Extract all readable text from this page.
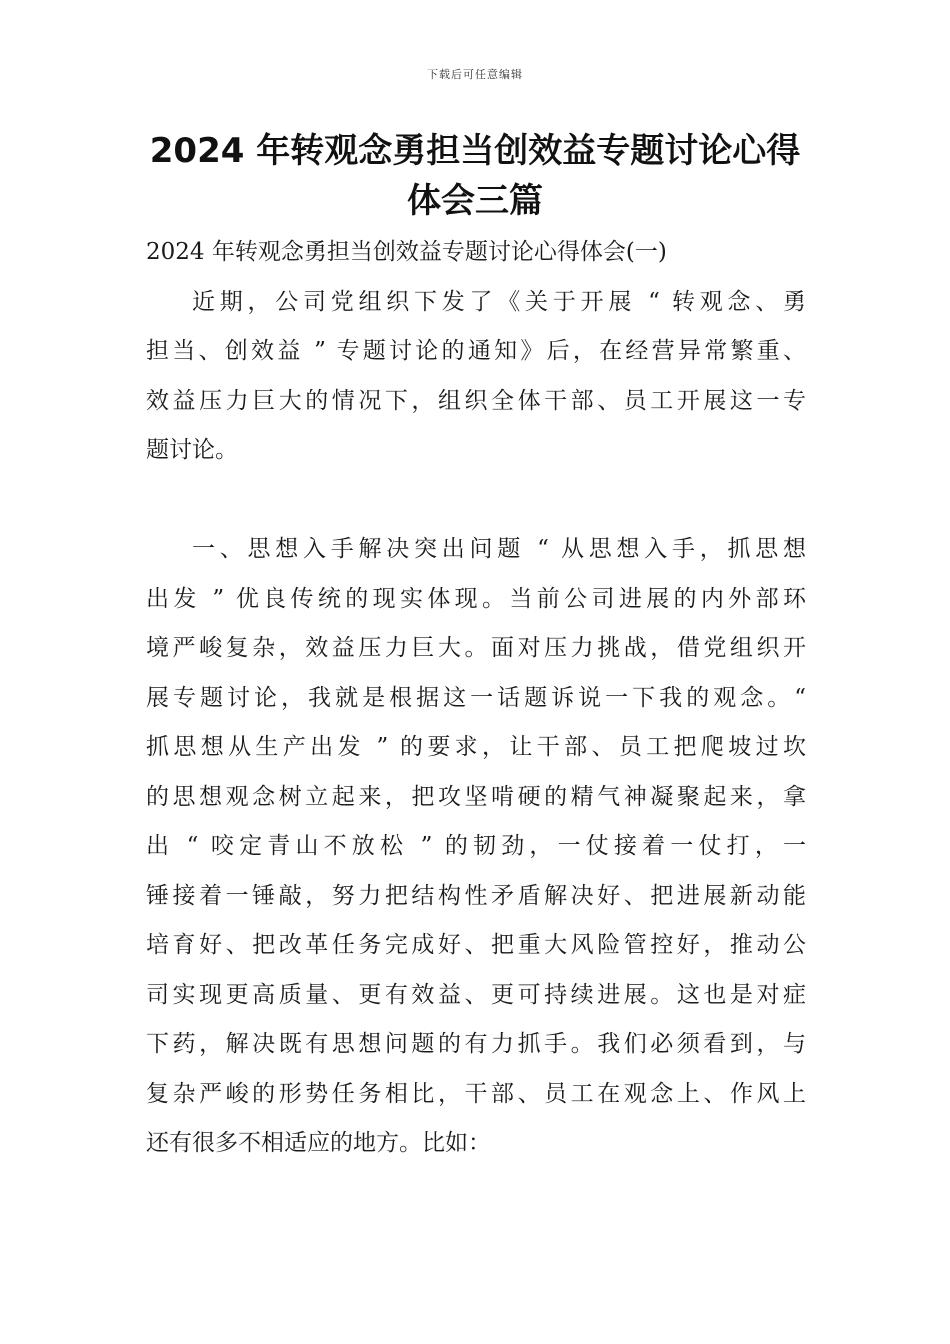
下载后可任意编辑
2024 年转观念勇担当创效益专题讨论心得
体会三篇
2024 年转观念勇担当创效益专题讨论心得体会(一)

近期，公司党组织下发了《关于开展 “ 转观念、勇
担当、创效益 ” 专题讨论的通知》后，在经营异常繁重、
效益压力巨大的情况下，组织全体干部、员工开展这一专
题讨论。

一、思想入手解决突出问题 “ 从思想入手，抓思想
出发 ” 优良传统的现实体现。当前公司进展的内外部环
境严峻复杂，效益压力巨大。面对压力挑战，借党组织开
展专题讨论，我就是根据这一话题诉说一下我的观念。“
抓思想从生产出发 ” 的要求，让干部、员工把爬坡过坎
的思想观念树立起来，把攻坚啃硬的精气神凝聚起来，拿
出 “ 咬定青山不放松 ” 的韧劲，一仗接着一仗打，一
锤接着一锤敲，努力把结构性矛盾解决好、把进展新动能
培育好、把改革任务完成好、把重大风险管控好，推动公
司实现更高质量、更有效益、更可持续进展。这也是对症
下药，解决既有思想问题的有力抓手。我们必须看到，与
复杂严峻的形势任务相比，干部、员工在观念上、作风上
还有很多不相适应的地方。比如：
